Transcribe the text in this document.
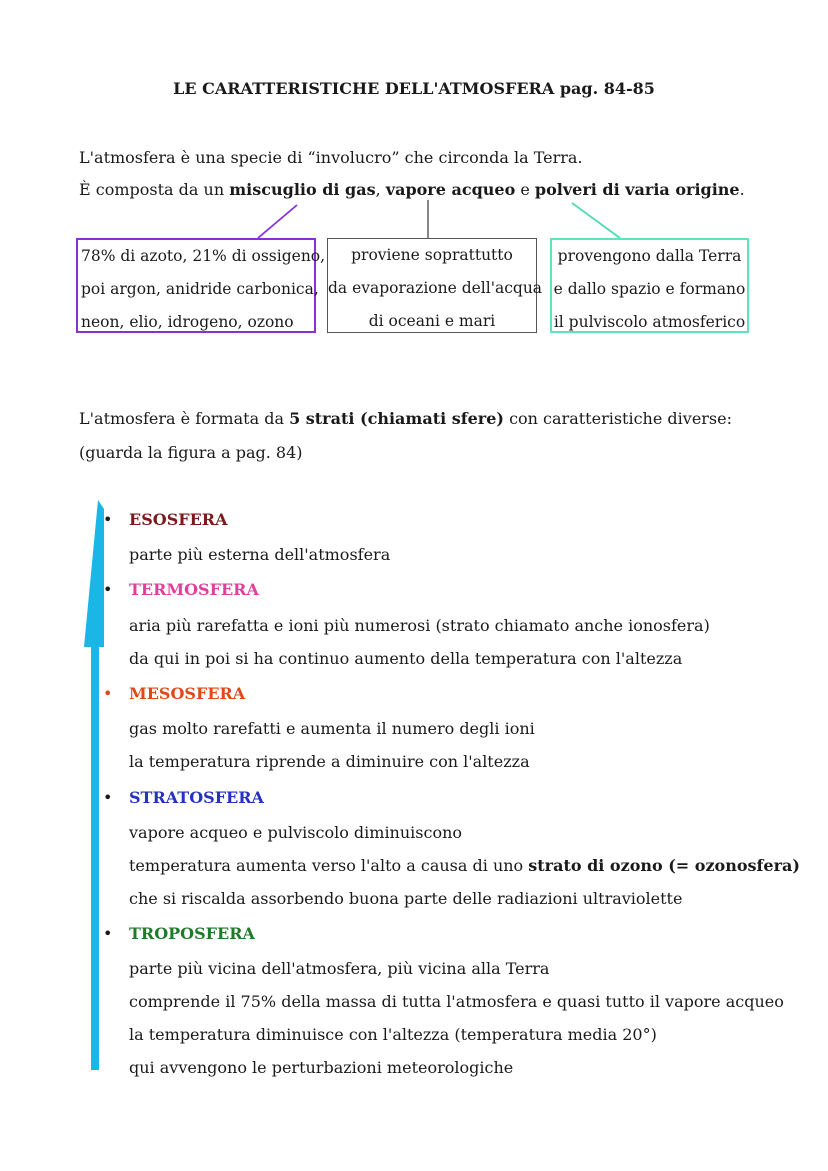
LE CARATTERISTICHE DELL'ATMOSFERA pag. 84-85
L'atmosfera è una specie di “involucro” che circonda la Terra.
È composta da un miscuglio di gas, vapore acqueo e polveri di varia origine.
78% di azoto, 21% di ossigeno,
poi argon, anidride carbonica,
neon, elio, idrogeno, ozono
proviene soprattutto
da evaporazione dell'acqua
di oceani e mari
provengono dalla Terra
e dallo spazio e formano
il pulviscolo atmosferico
L'atmosfera è formata da 5 strati (chiamati sfere) con caratteristiche diverse:
(guarda la figura a pag. 84)
• ESOSFERA
parte più esterna dell'atmosfera
• TERMOSFERA
aria più rarefatta e ioni più numerosi (strato chiamato anche ionosfera)
da qui in poi si ha continuo aumento della temperatura con l'altezza
• MESOSFERA
gas molto rarefatti e aumenta il numero degli ioni
la temperatura riprende a diminuire con l'altezza
• STRATOSFERA
vapore acqueo e pulviscolo diminuiscono
temperatura aumenta verso l'alto a causa di uno strato di ozono (= ozonosfera)
che si riscalda assorbendo buona parte delle radiazioni ultraviolette
• TROPOSFERA
parte più vicina dell'atmosfera, più vicina alla Terra
comprende il 75% della massa di tutta l'atmosfera e quasi tutto il vapore acqueo
la temperatura diminuisce con l'altezza (temperatura media 20°)
qui avvengono le perturbazioni meteorologiche
